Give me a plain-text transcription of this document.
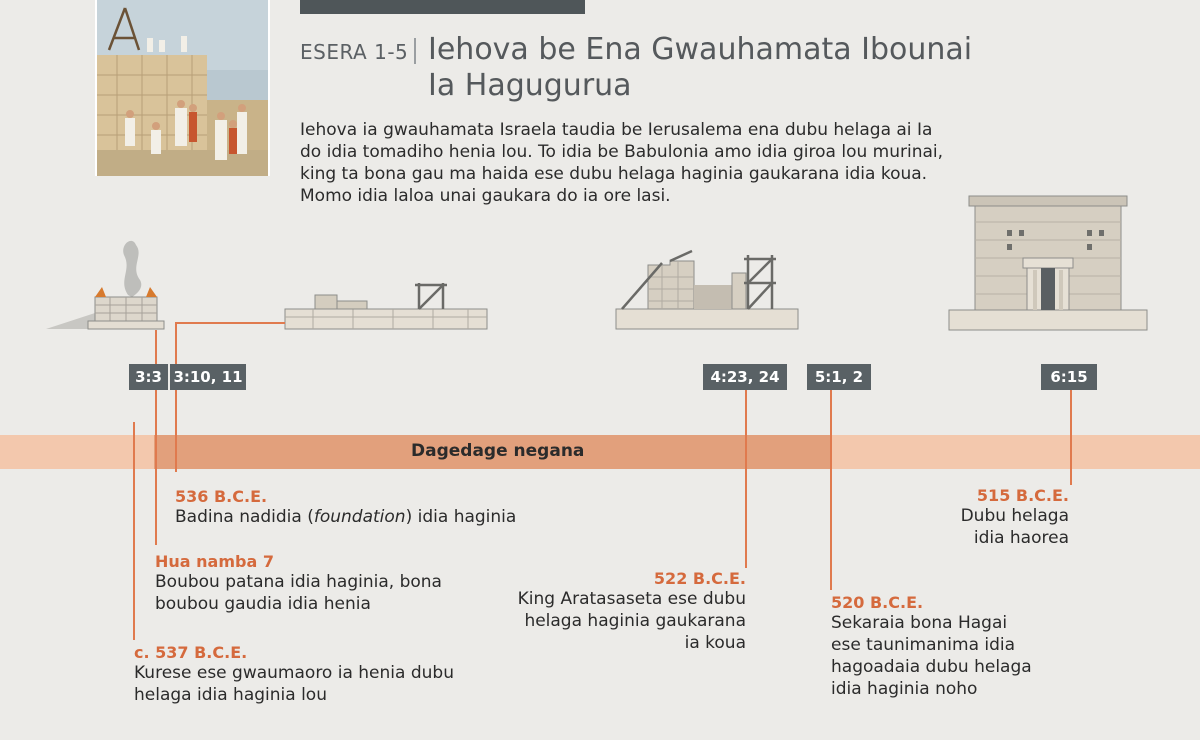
ESERA 1-5 Iehova be Ena Gwauhamata Ibounai
Ia Hagugurua
Iehova ia gwauhamata Israela taudia be Ierusalema ena dubu helaga ai Ia
do idia tomadiho henia lou. To idia be Babulonia amo idia giroa lou murinai,
king ta bona gau ma haida ese dubu helaga haginia gaukarana idia koua.
Momo idia laloa unai gaukara do ia ore lasi.
Dagedage negana
3:3 3:10, 11	4:23, 24	5:1, 2	6:15
536 B.C.E.
Badina nadidia (foundation) idia haginia
Hua namba 7
Boubou patana idia haginia, bona
boubou gaudia idia henia
c. 537 B.C.E.
Kurese ese gwaumaoro ia henia dubu
helaga idia haginia lou
522 B.C.E.
King Aratasaseta ese dubu
helaga haginia gaukarana
ia koua
520 B.C.E.
Sekaraia bona Hagai
ese taunimanima idia
hagoadaia dubu helaga
idia haginia noho
515 B.C.E.
Dubu helaga
idia haorea
